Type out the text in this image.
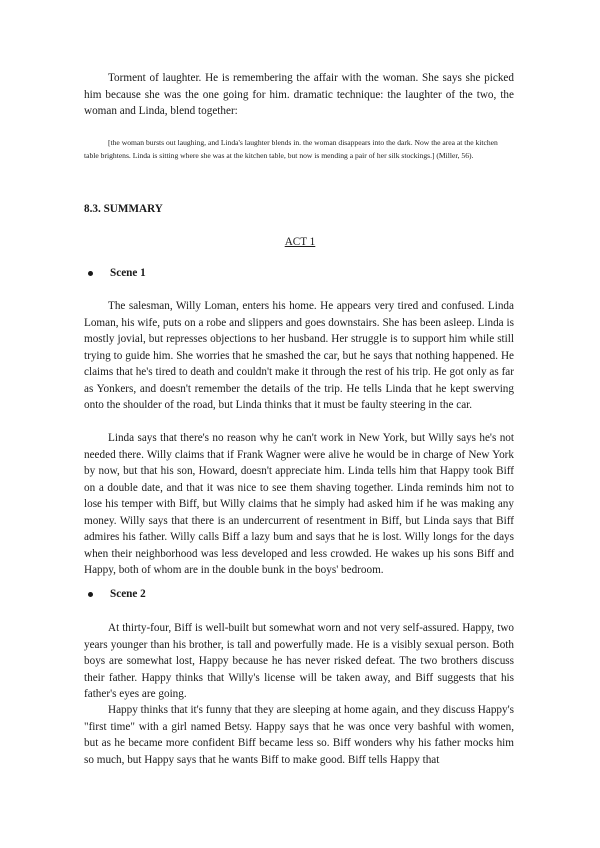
Torment of laughter. He is remembering the affair with the woman. She says she picked him because she was the one going for him. dramatic technique: the laughter of the two, the woman and Linda, blend together:

[the woman bursts out laughing, and Linda's laughter blends in. the woman disappears into the dark. Now the area at the kitchen table brightens. Linda is sitting where she was at the kitchen table, but now is mending a pair of her silk stockings.] (Miller, 56).

8.3. SUMMARY

ACT 1

Scene 1

The salesman, Willy Loman, enters his home. He appears very tired and confused. Linda Loman, his wife, puts on a robe and slippers and goes downstairs. She has been asleep. Linda is mostly jovial, but represses objections to her husband. Her struggle is to support him while still trying to guide him. She worries that he smashed the car, but he says that nothing happened. He claims that he's tired to death and couldn't make it through the rest of his trip. He got only as far as Yonkers, and doesn't remember the details of the trip. He tells Linda that he kept swerving onto the shoulder of the road, but Linda thinks that it must be faulty steering in the car.

Linda says that there's no reason why he can't work in New York, but Willy says he's not needed there. Willy claims that if Frank Wagner were alive he would be in charge of New York by now, but that his son, Howard, doesn't appreciate him. Linda tells him that Happy took Biff on a double date, and that it was nice to see them shaving together. Linda reminds him not to lose his temper with Biff, but Willy claims that he simply had asked him if he was making any money. Willy says that there is an undercurrent of resentment in Biff, but Linda says that Biff admires his father. Willy calls Biff a lazy bum and says that he is lost. Willy longs for the days when their neighborhood was less developed and less crowded. He wakes up his sons Biff and Happy, both of whom are in the double bunk in the boys' bedroom.

Scene 2

At thirty-four, Biff is well-built but somewhat worn and not very self-assured. Happy, two years younger than his brother, is tall and powerfully made. He is a visibly sexual person. Both boys are somewhat lost, Happy because he has never risked defeat. The two brothers discuss their father. Happy thinks that Willy's license will be taken away, and Biff suggests that his father's eyes are going.

Happy thinks that it's funny that they are sleeping at home again, and they discuss Happy's "first time" with a girl named Betsy. Happy says that he was once very bashful with women, but as he became more confident Biff became less so. Biff wonders why his father mocks him so much, but Happy says that he wants Biff to make good. Biff tells Happy that
